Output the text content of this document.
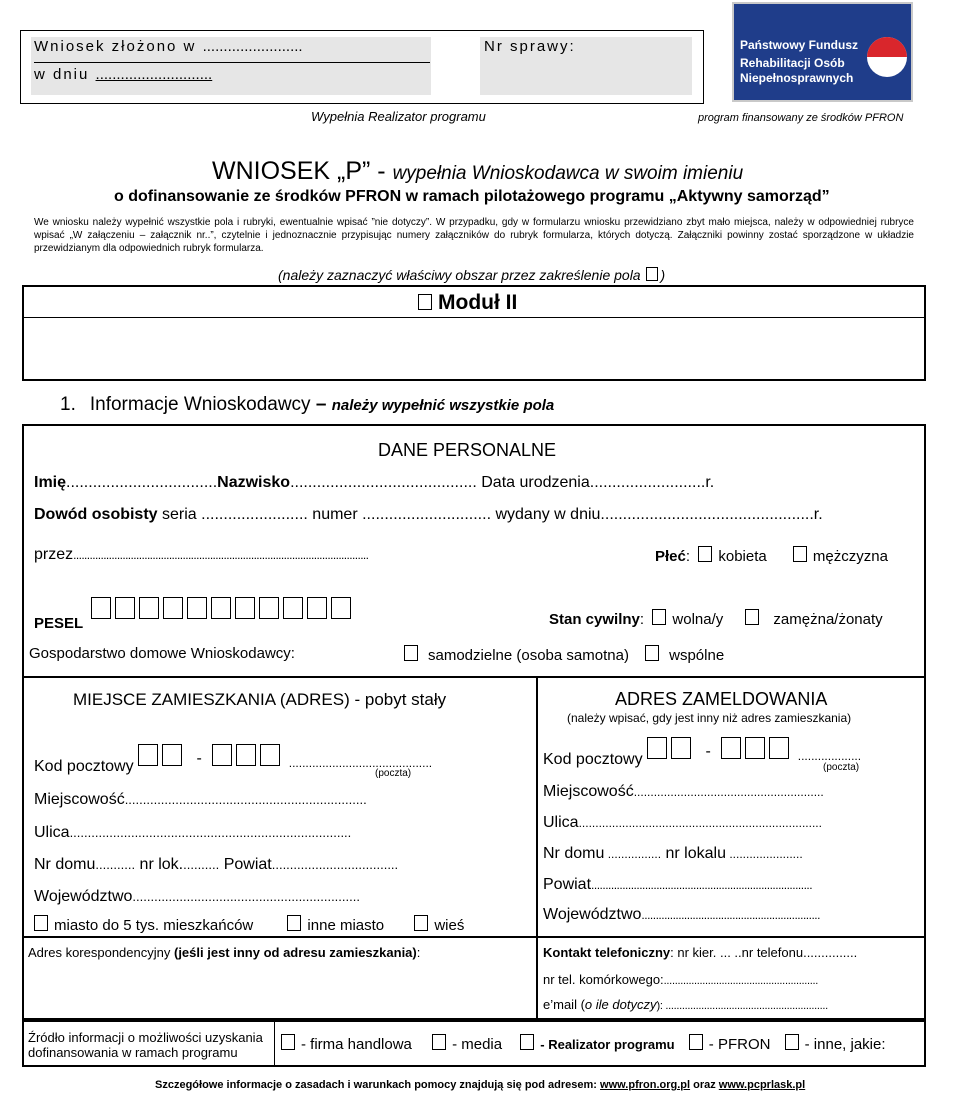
Wniosek złożono w ........................
w dniu ............................
Nr sprawy:
Wypełnia Realizator programu	program finansowany ze środków PFRON
Państwowy Fundusz
Rehabilitacji Osób
Niepełnosprawnych
WNIOSEK „P” - wypełnia Wnioskodawca w swoim imieniu
o dofinansowanie ze środków PFRON w ramach pilotażowego programu „Aktywny samorząd”
We wniosku należy wypełnić wszystkie pola i rubryki, ewentualnie wpisać ”nie dotyczy”. W przypadku, gdy w formularzu wniosku przewidziano zbyt mało miejsca, należy w odpowiedniej rubryce wpisać „W załączeniu – załącznik nr..”, czytelnie i jednoznacznie przypisując numery załączników do rubryk formularza, których dotyczą. Załączniki powinny zostać sporządzone w układzie przewidzianym dla odpowiednich rubryk formularza.
(należy zaznaczyć właściwy obszar przez zakreślenie pola )
Moduł II
1. Informacje Wnioskodawcy – należy wypełnić wszystkie pola
DANE PERSONALNE
Imię..................................Nazwisko.......................................... Data urodzenia..........................r.
Dowód osobisty seria ........................ numer ............................. wydany w dniu................................................r.
przez............................................................................................................	Płeć:  kobieta	mężczyzna
PESEL	Stan cywilny:  wolna/y	zamężna/żonaty
Gospodarstwo domowe Wnioskodawcy:	samodzielne (osoba samotna)	wspólne
MIEJSCE ZAMIESZKANIA (ADRES) - pobyt stały
Kod pocztowy	-	$_{...........................................}$
(poczta)
Miejscowość...................................................................
Ulica..............................................................................
Nr domu........... nr lok........... Powiat...................................
Województwo...............................................................
miasto do 5 tys. mieszkańców	inne miasto	wieś
ADRES ZAMELDOWANIA
(należy wpisać, gdy jest inny niż adres zamieszkania)
Kod pocztowy	-	$_{...................}$
(poczta)
Miejscowość.........................................................
Ulica.........................................................................
Nr domu ................ nr lokalu ......................
Powiat..............................................................................
Województwo...............................................................
Adres korespondencyjny (jeśli jest inny od adresu zamieszkania):	Kontakt telefoniczny: nr kier. ... ..nr telefonu...............
nr tel. komórkowego:........................................................
e’mail (o ile dotyczy): ...........................................................
Źródło informacji o możliwości uzyskania dofinansowania w ramach programu	- firma handlowa	- media	- Realizator programu - PFRON - inne, jakie:
Szczegółowe informacje o zasadach i warunkach pomocy znajdują się pod adresem: www.pfron.org.pl oraz www.pcprlask.pl
